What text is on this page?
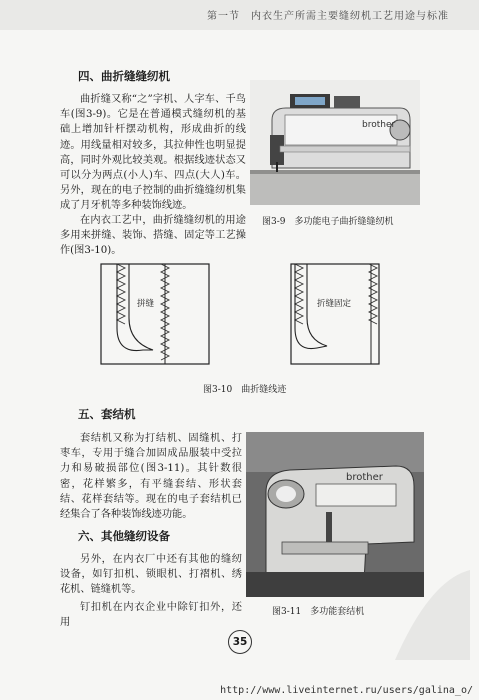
第一节　内衣生产所需主要缝纫机工艺用途与标准
四、曲折缝缝纫机
曲折缝又称“之”字机、人字车、千鸟车(图3-9)。它是在普通模式缝纫机的基础上增加针杆摆动机构，形成曲折的线迹。用线量相对较多，其拉伸性也明显提高，同时外观比较美观。根据线迹状态又可以分为两点(小人)车、四点(大人)车。另外，现在的电子控制的曲折缝缝纫机集成了月牙机等多种装饰线迹。
在内衣工艺中，曲折缝缝纫机的用途多用来拼缝、装饰、搭缝、固定等工艺操作(图3-10)。
brother
图3-9　多功能电子曲折缝缝纫机
拼缝	折缝固定
图3-10　曲折缝线迹
五、套结机
套结机又称为打结机、固缝机、打枣车，专用于缝合加固成品服装中受拉力和易破损部位(图3-11)。其针数很密，花样繁多，有平缝套结、形状套结、花样套结等。现在的电子套结机已经集合了各种装饰线迹功能。
brother
图3-11　多功能套结机
六、其他缝纫设备
另外，在内衣厂中还有其他的缝纫设备，如钉扣机、锁眼机、打褶机、绣花机、链缝机等。
钉扣机在内衣企业中除钉扣外，还用
35
http://www.liveinternet.ru/users/galina_o/
